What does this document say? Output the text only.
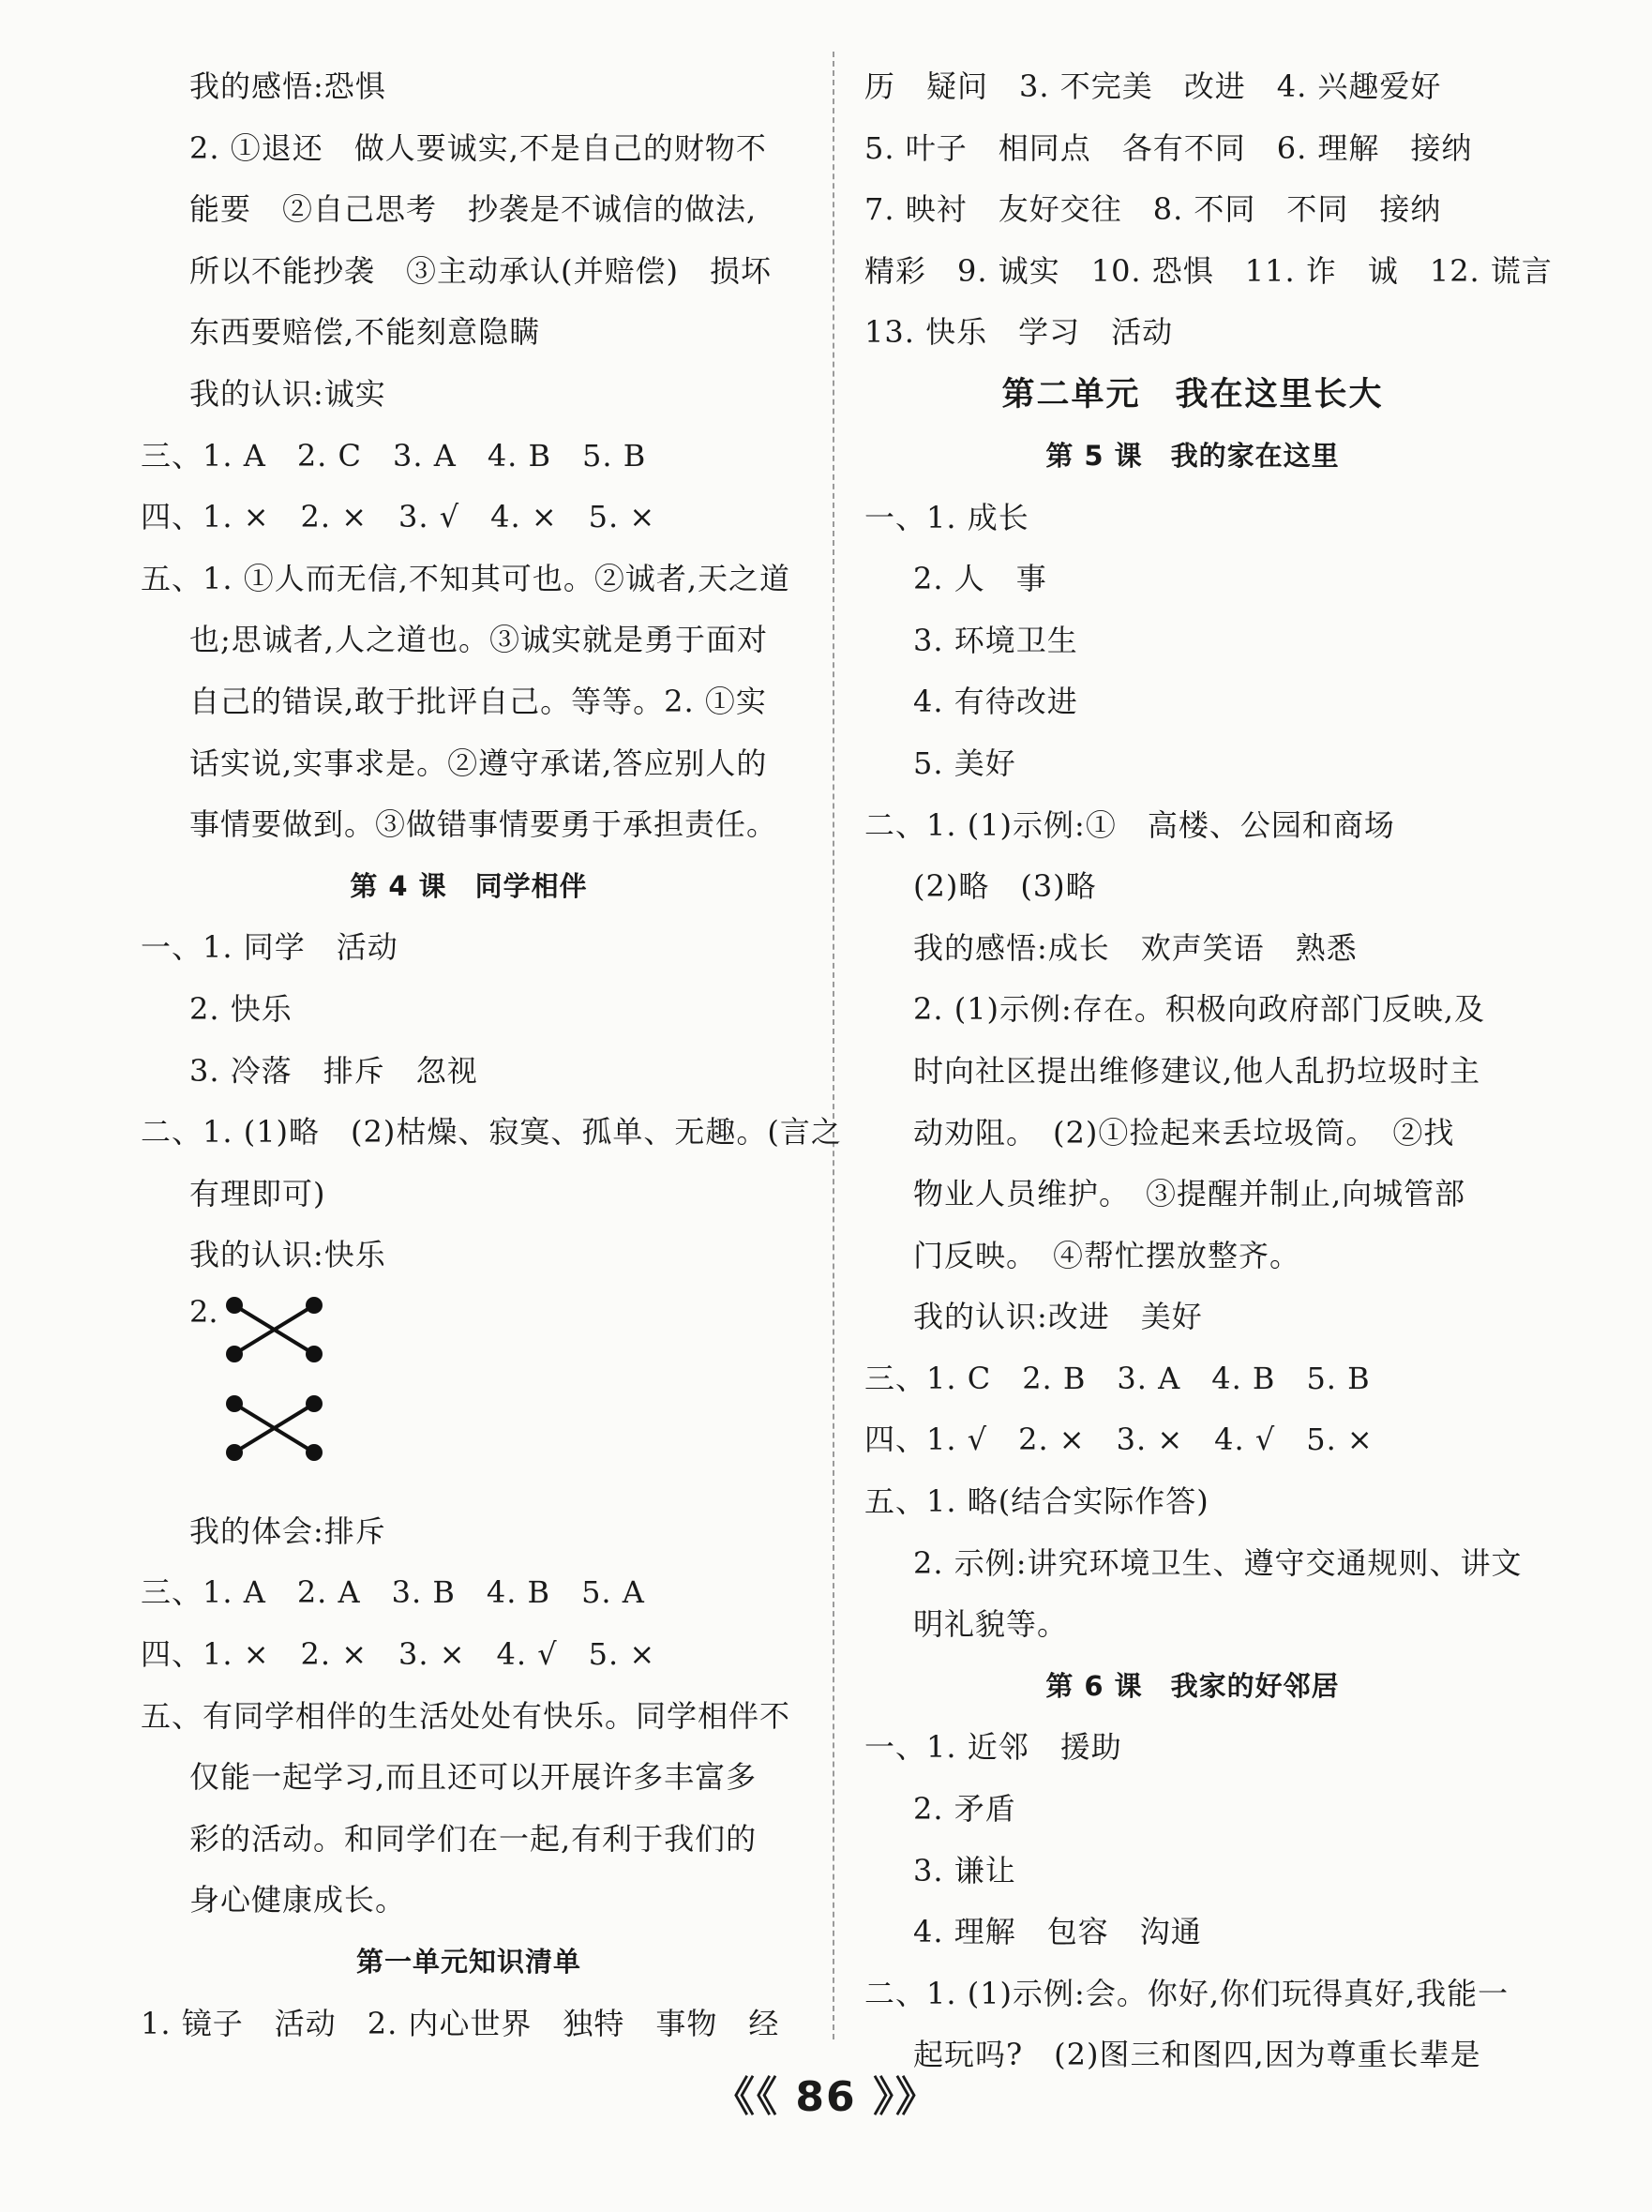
我的感悟:恐惧
2. ①退还　做人要诚实,不是自己的财物不
能要　②自己思考　抄袭是不诚信的做法,
所以不能抄袭　③主动承认(并赔偿)　损坏
东西要赔偿,不能刻意隐瞒
我的认识:诚实
三、1. A　2. C　3. A　4. B　5. B
四、1. ×　2. ×　3. √　4. ×　5. ×
五、1. ①人而无信,不知其可也。②诚者,天之道
也;思诚者,人之道也。③诚实就是勇于面对
自己的错误,敢于批评自己。等等。2. ①实
话实说,实事求是。②遵守承诺,答应别人的
事情要做到。③做错事情要勇于承担责任。
第 4 课　同学相伴
一、1. 同学　活动
2. 快乐
3. 冷落　排斥　忽视
二、1. (1)略　(2)枯燥、寂寞、孤单、无趣。(言之
有理即可)
我的认识:快乐
2.
我的体会:排斥
三、1. A　2. A　3. B　4. B　5. A
四、1. ×　2. ×　3. ×　4. √　5. ×
五、有同学相伴的生活处处有快乐。同学相伴不
仅能一起学习,而且还可以开展许多丰富多
彩的活动。和同学们在一起,有利于我们的
身心健康成长。
第一单元知识清单
1. 镜子　活动　2. 内心世界　独特　事物　经
历　疑问　3. 不完美　改进　4. 兴趣爱好
5. 叶子　相同点　各有不同　6. 理解　接纳
7. 映衬　友好交往　8. 不同　不同　接纳
精彩　9. 诚实　10. 恐惧　11. 诈　诚　12. 谎言
13. 快乐　学习　活动
第二单元　我在这里长大
第 5 课　我的家在这里
一、1. 成长
2. 人　事
3. 环境卫生
4. 有待改进
5. 美好
二、1. (1)示例:①　高楼、公园和商场
(2)略　(3)略
我的感悟:成长　欢声笑语　熟悉
2. (1)示例:存在。积极向政府部门反映,及
时向社区提出维修建议,他人乱扔垃圾时主
动劝阻。　(2)①捡起来丢垃圾筒。　②找
物业人员维护。　③提醒并制止,向城管部
门反映。　④帮忙摆放整齐。
我的认识:改进　美好
三、1. C　2. B　3. A　4. B　5. B
四、1. √　2. ×　3. ×　4. √　5. ×
五、1. 略(结合实际作答)
2. 示例:讲究环境卫生、遵守交通规则、讲文
明礼貌等。
第 6 课　我家的好邻居
一、1. 近邻　援助
2. 矛盾
3. 谦让
4. 理解　包容　沟通
二、1. (1)示例:会。你好,你们玩得真好,我能一
起玩吗?　(2)图三和图四,因为尊重长辈是
《《 86 》》
